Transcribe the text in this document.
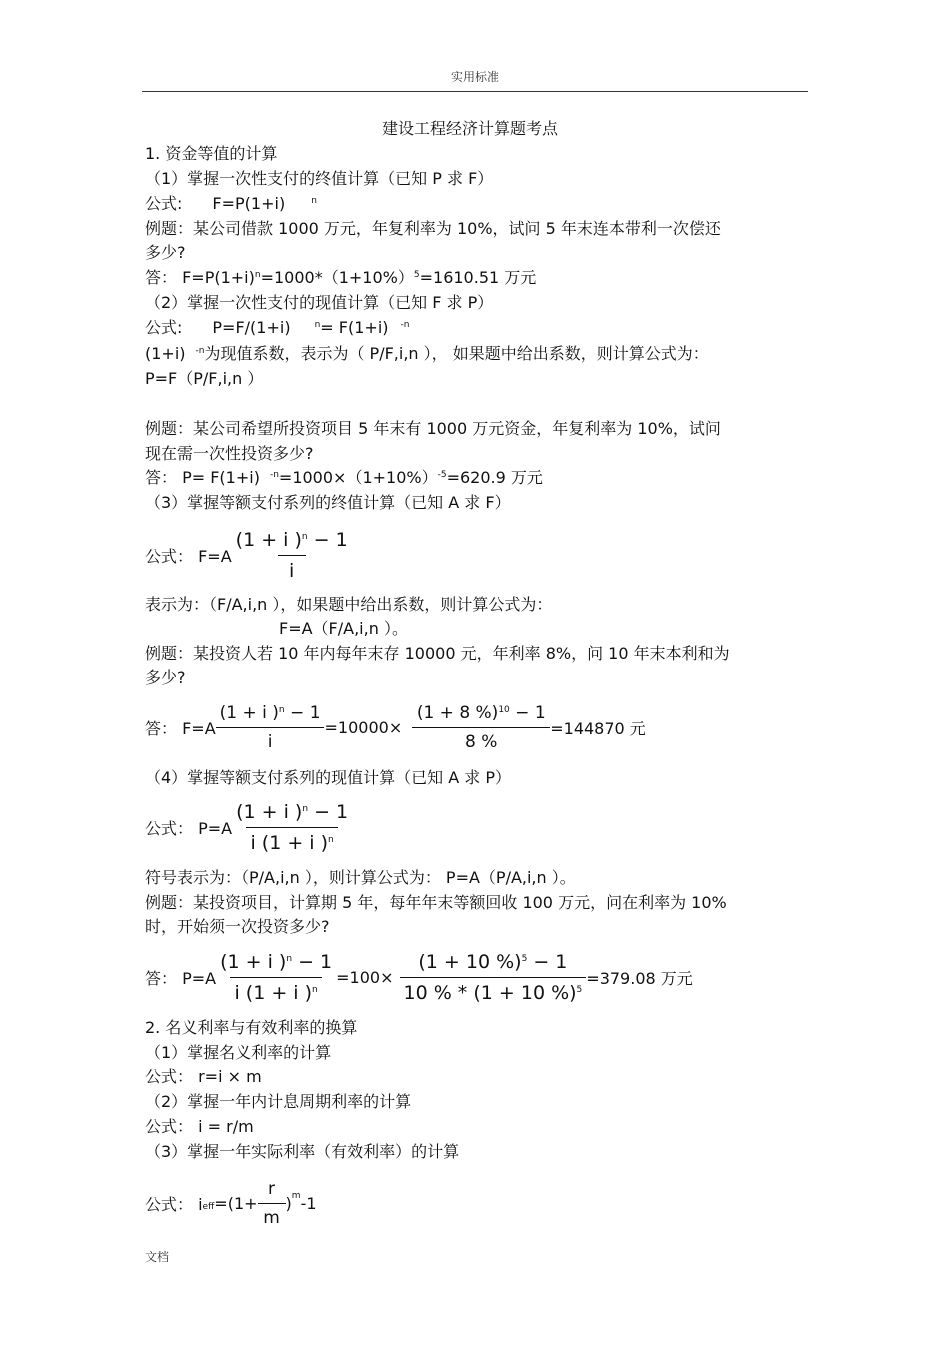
实用标准
建设工程经济计算题考点
1. 资金等值的计算
（1）掌握一次性支付的终值计算（已知 P 求 F）
公式: F=P(1+i)	$^n$
例题：某公司借款 1000 万元，年复利率为 10%，试问 5 年末连本带利一次偿还
多少?
答： $F=P(1+i)^n=1000*(1+10\%)^5=1610.51$ 万元
（2）掌握一次性支付的现值计算（已知 F 求 P）
公式: P=F/(1+i)	$^n$= F(1+i) $^{-n}$
(1+i) $^{-n}$为现值系数，表示为（ P/F,i,n ）， 如果题中给出系数，则计算公式为：
P=F（P/F,i,n ）
例题：某公司希望所投资项目 5 年末有 1000 万元资金，年复利率为 10%，试问
现在需一次性投资多少?
答： P= F(1+i) $^{-n}=1000\times(1+10\%)^{-5}=620.9$ 万元
（3）掌握等额支付系列的终值计算（已知 A 求 F）
公式： $F=A \frac{(1 + i )^n - 1}{i}$
表示为：（F/A,i,n ），如果题中给出系数，则计算公式为：
F=A（F/A,i,n ）。
例题：某投资人若 10 年内每年末存 10000 元，年利率 8%，问 10 年末本利和为
多少?
答： $F=A \frac{(1 + i )^n - 1}{i} =10000\times \frac{(1 + 8 \%)^{10} - 1}{8 \%} =144870$ 元
（4）掌握等额支付系列的现值计算（已知 A 求 P）
公式： $P=A \frac{(1 + i )^n - 1}{i (1 + i )^n}$
符号表示为：（P/A,i,n ），则计算公式为： P=A（P/A,i,n ）。
例题：某投资项目，计算期 5 年，每年年末等额回收 100 万元，问在利率为 10%
时，开始须一次投资多少?
答： $P=A \frac{(1 + i )^n - 1}{i (1 + i )^n} =100\times \frac{(1 + 10 \%)^5 - 1}{10 \% * (1 + 10 \%)^5} =379.08$ 万元
2. 名义利率与有效利率的换算
（1）掌握名义利率的计算
公式： r=i × m
（2）掌握一年内计息周期利率的计算
公式： i = r/m
（3）掌握一年实际利率（有效利率）的计算
公式： i eff $=(1+ \frac{r}{m} )^m$ -1
文档
